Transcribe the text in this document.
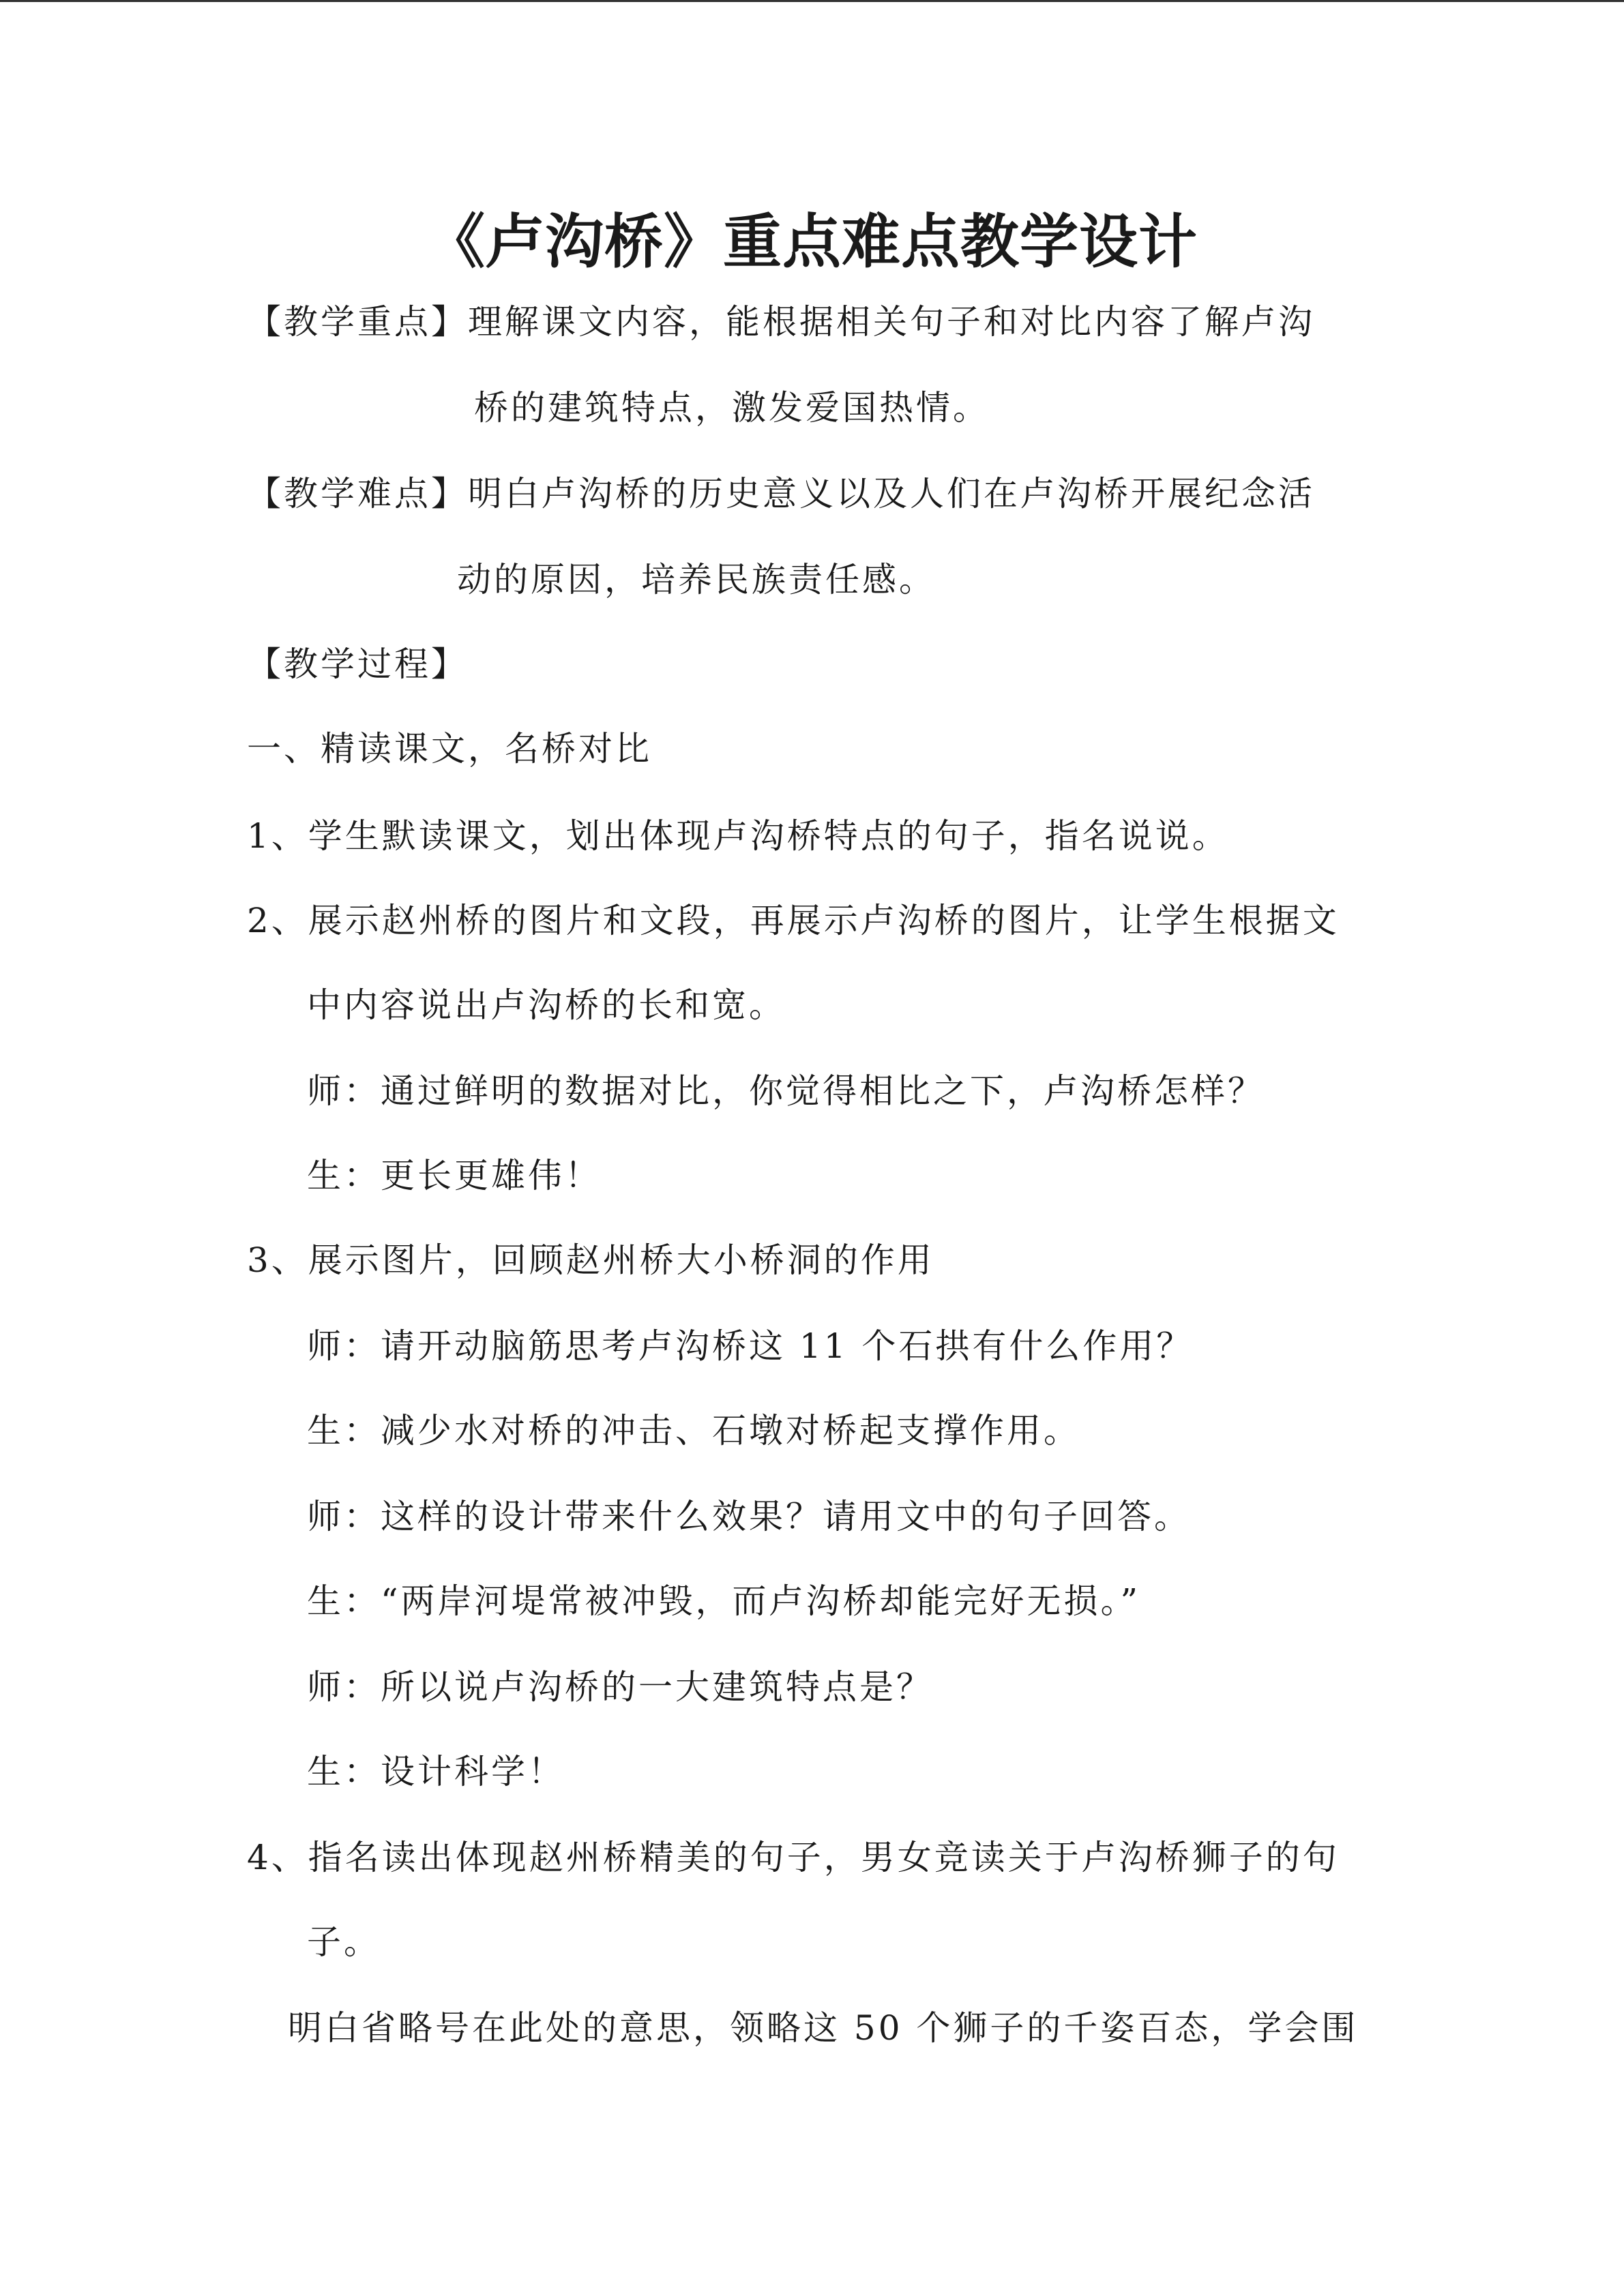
《卢沟桥》重点难点教学设计
【教学重点】理解课文内容，能根据相关句子和对比内容了解卢沟
桥的建筑特点，激发爱国热情。
【教学难点】明白卢沟桥的历史意义以及人们在卢沟桥开展纪念活
动的原因，培养民族责任感。
【教学过程】
一、精读课文，名桥对比
1、学生默读课文，划出体现卢沟桥特点的句子，指名说说。
2、展示赵州桥的图片和文段，再展示卢沟桥的图片，让学生根据文
中内容说出卢沟桥的长和宽。
师：通过鲜明的数据对比，你觉得相比之下，卢沟桥怎样？
生：更长更雄伟！
3、展示图片，回顾赵州桥大小桥洞的作用
师：请开动脑筋思考卢沟桥这 11 个石拱有什么作用？
生：减少水对桥的冲击、石墩对桥起支撑作用。
师：这样的设计带来什么效果？请用文中的句子回答。
生：“两岸河堤常被冲毁，而卢沟桥却能完好无损。”
师：所以说卢沟桥的一大建筑特点是？
生：设计科学！
4、指名读出体现赵州桥精美的句子，男女竞读关于卢沟桥狮子的句
子。
明白省略号在此处的意思，领略这 50 个狮子的千姿百态，学会围
